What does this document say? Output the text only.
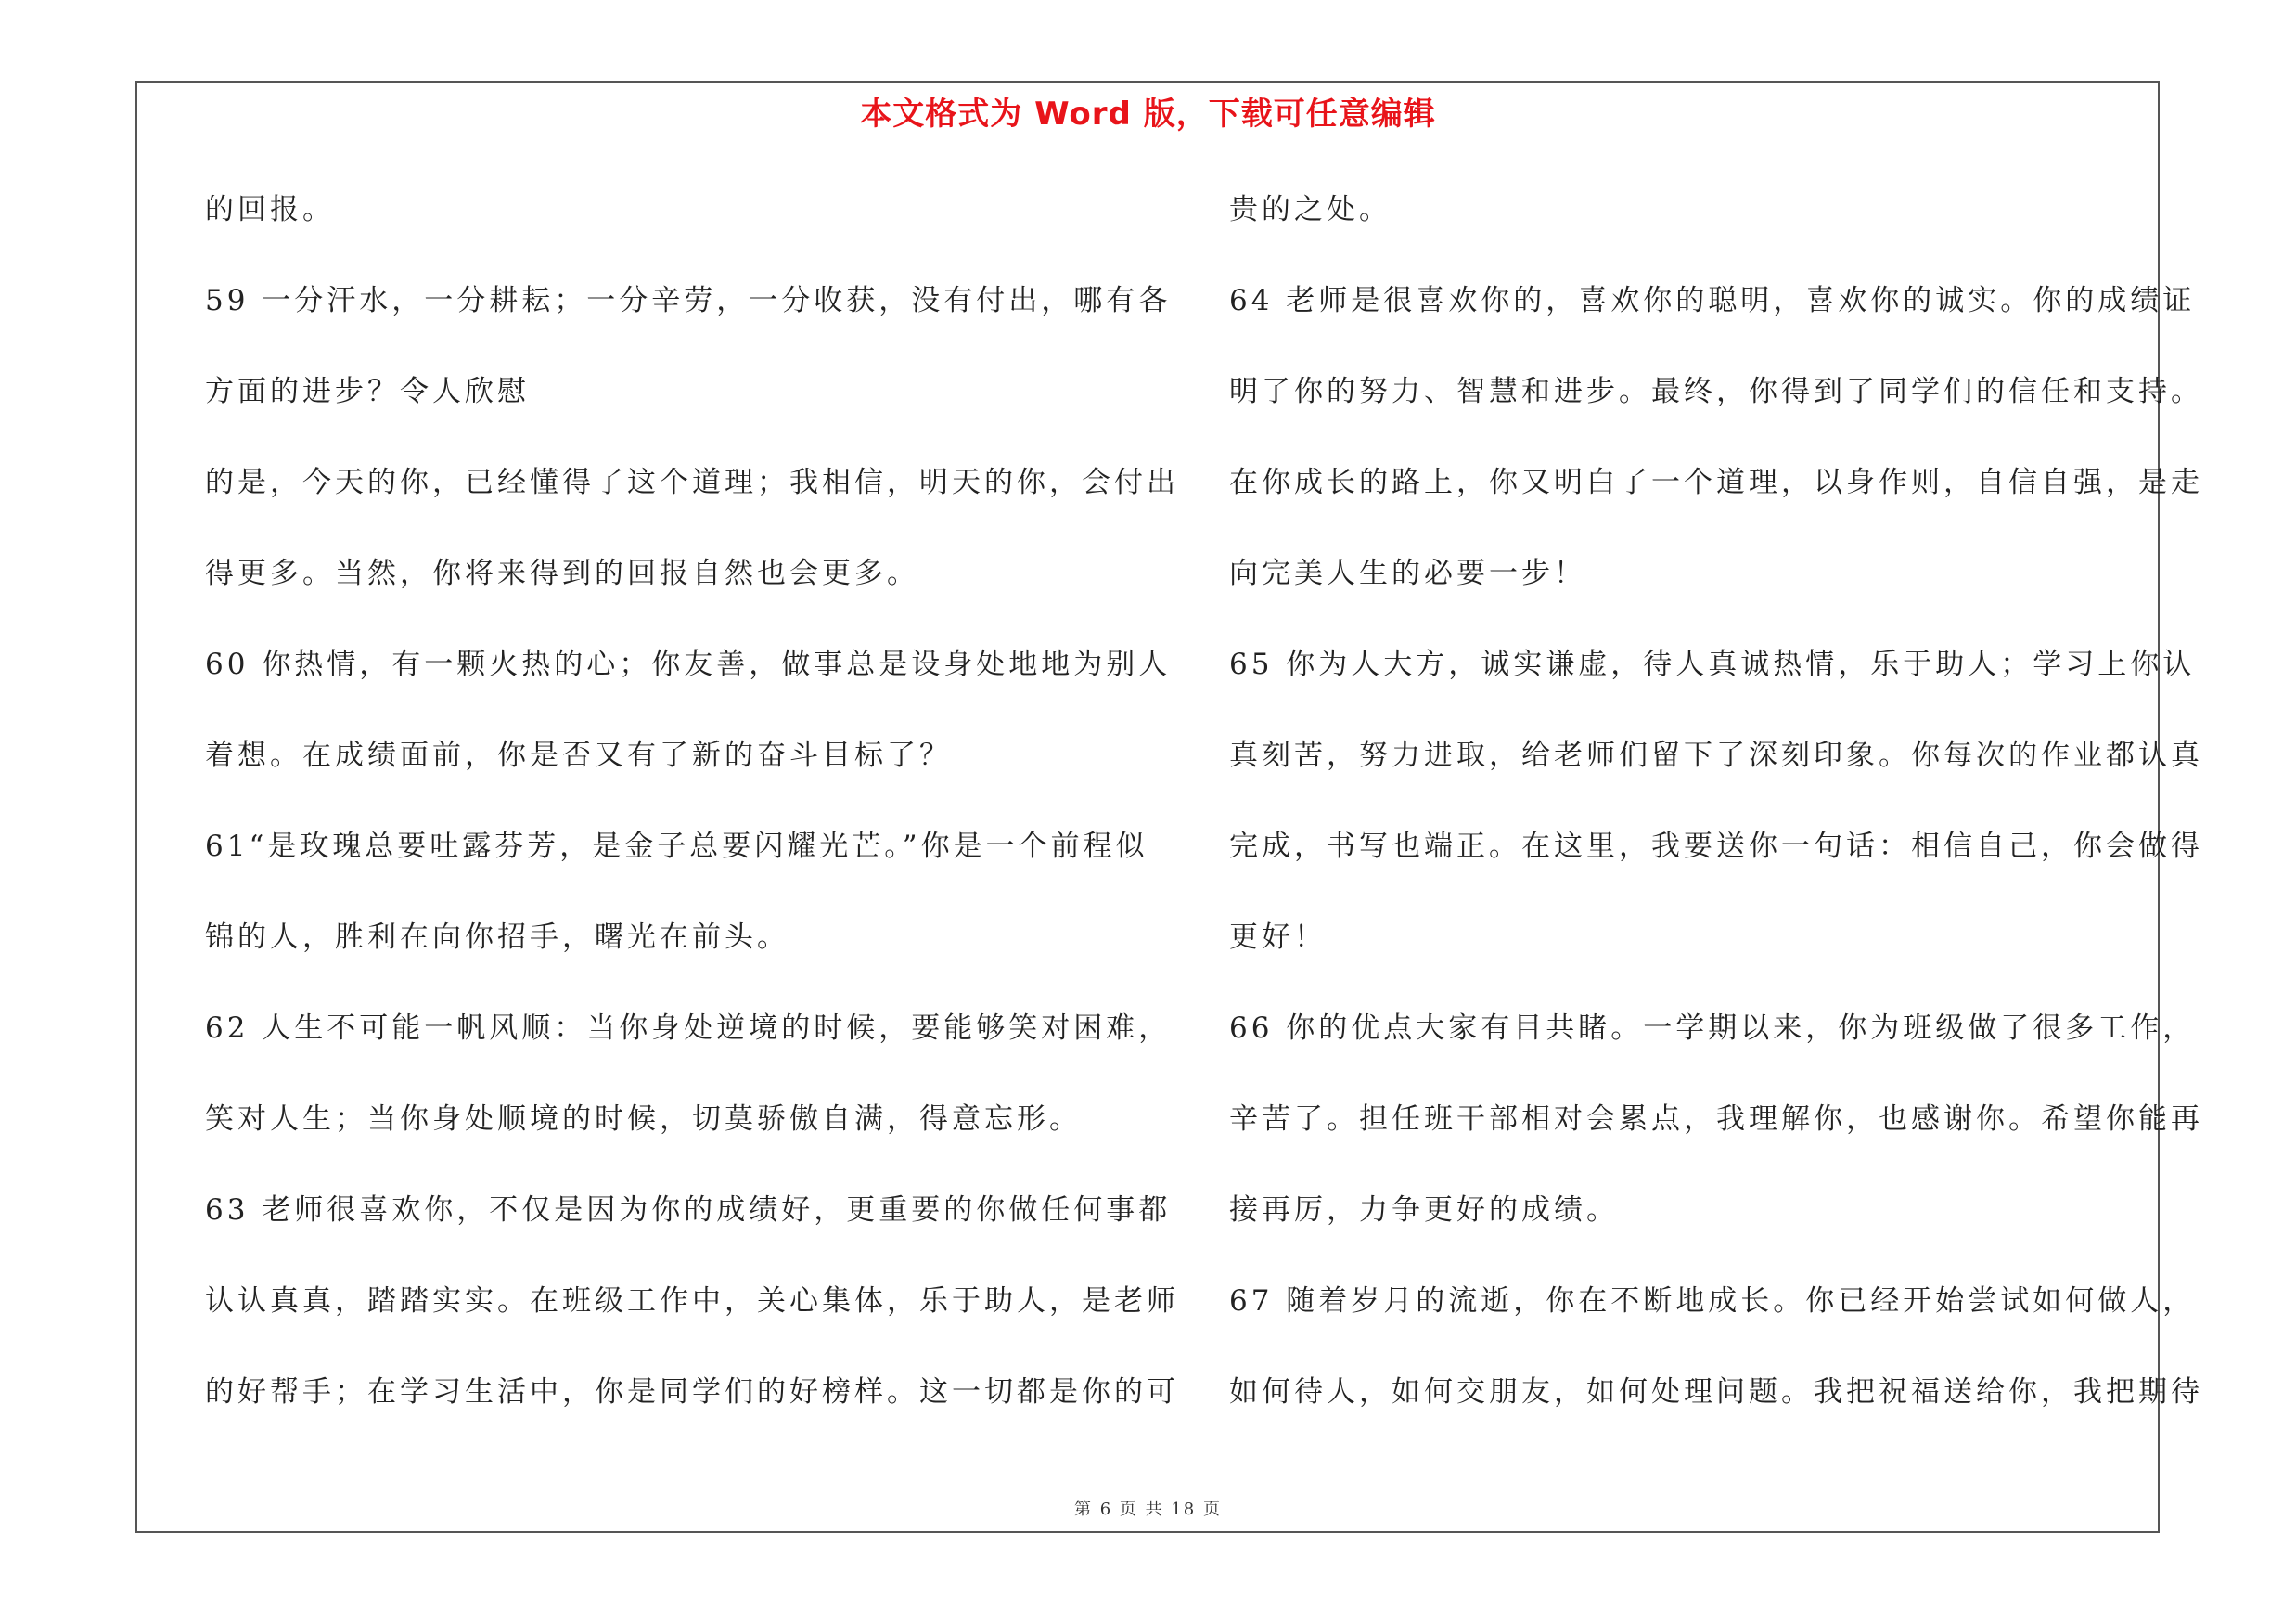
本文格式为 Word 版，下载可任意编辑
的回报。
59 一分汗水，一分耕耘；一分辛劳，一分收获，没有付出，哪有各
方面的进步？令人欣慰
的是，今天的你，已经懂得了这个道理；我相信，明天的你，会付出
得更多。当然，你将来得到的回报自然也会更多。
60 你热情，有一颗火热的心；你友善，做事总是设身处地地为别人
着想。在成绩面前，你是否又有了新的奋斗目标了？
61“是玫瑰总要吐露芬芳，是金子总要闪耀光芒。”你是一个前程似
锦的人，胜利在向你招手，曙光在前头。
62 人生不可能一帆风顺：当你身处逆境的时候，要能够笑对困难，
笑对人生；当你身处顺境的时候，切莫骄傲自满，得意忘形。
63 老师很喜欢你，不仅是因为你的成绩好，更重要的你做任何事都
认认真真，踏踏实实。在班级工作中，关心集体，乐于助人，是老师
的好帮手；在学习生活中，你是同学们的好榜样。这一切都是你的可
贵的之处。
64 老师是很喜欢你的，喜欢你的聪明，喜欢你的诚实。你的成绩证
明了你的努力、智慧和进步。最终，你得到了同学们的信任和支持。
在你成长的路上，你又明白了一个道理，以身作则，自信自强，是走
向完美人生的必要一步！
65 你为人大方，诚实谦虚，待人真诚热情，乐于助人；学习上你认
真刻苦，努力进取，给老师们留下了深刻印象。你每次的作业都认真
完成，书写也端正。在这里，我要送你一句话：相信自己，你会做得
更好！
66 你的优点大家有目共睹。一学期以来，你为班级做了很多工作，
辛苦了。担任班干部相对会累点，我理解你，也感谢你。希望你能再
接再厉，力争更好的成绩。
67 随着岁月的流逝，你在不断地成长。你已经开始尝试如何做人，
如何待人，如何交朋友，如何处理问题。我把祝福送给你，我把期待
第 6 页 共 18 页
